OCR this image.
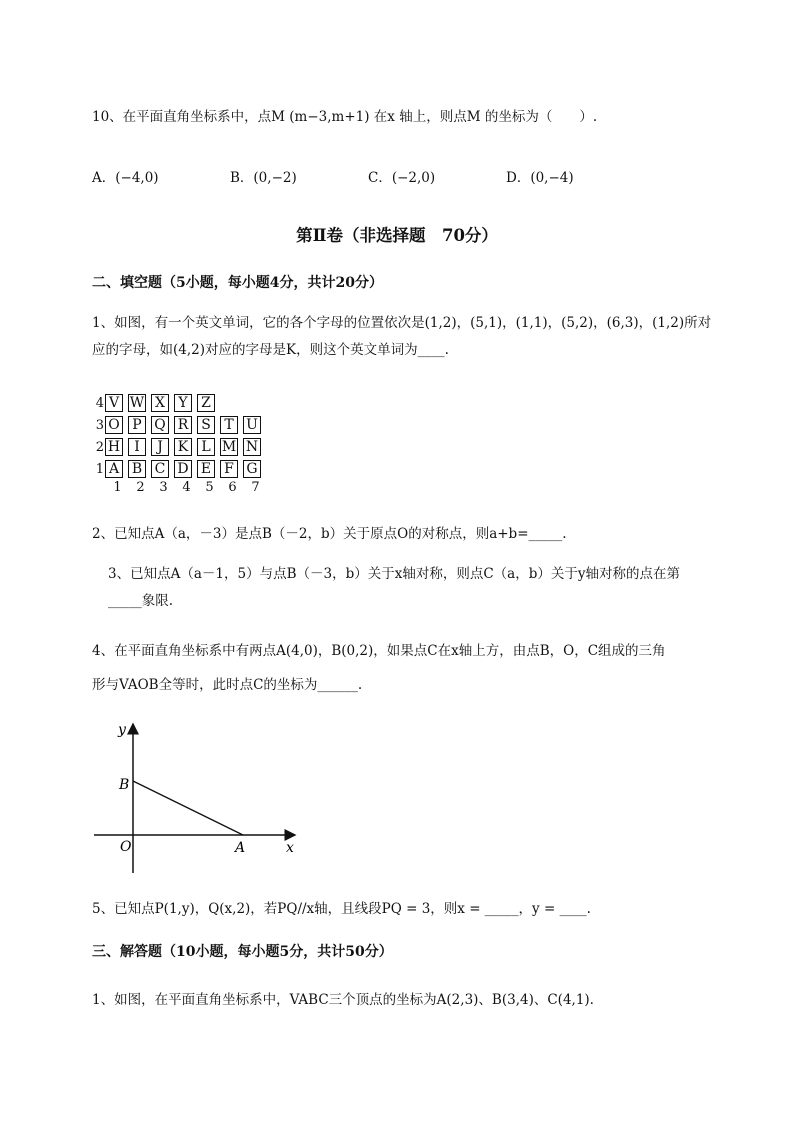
10、在平面直角坐标系中，点M (m−3,m+1) 在x 轴上，则点M 的坐标为（　　）.
A．(−4,0)	B．(0,−2)	C．(−2,0)	D．(0,−4)
第Ⅱ卷（非选择题　70分）
二、填空题（5小题，每小题4分，共计20分）
1、如图，有一个英文单词，它的各个字母的位置依次是(1,2)，(5,1)，(1,1)，(5,2)，(6,3)，(1,2)所对
应的字母，如(4,2)对应的字母是K，则这个英文单词为____.
4 V W X Y Z
3 O P Q R S T U
2 H	I	J	K L M N
1 A B C D E F G
1	2	3	4	5	6	7
2、已知点A（a，－3）是点B（－2，b）关于原点O的对称点，则a+b=_____.
3、已知点A（a－1，5）与点B（－3，b）关于x轴对称，则点C（a，b）关于y轴对称的点在第
_____象限.
4、在平面直角坐标系中有两点A(4,0)，B(0,2)，如果点C在x轴上方，由点B，O，C组成的三角
形与VAOB全等时，此时点C的坐标为______.
y
x
B
O	A
5、已知点P(1,y)，Q(x,2)，若PQ//x轴，且线段PQ = 3，则x = _____，y = ____.
三、解答题（10小题，每小题5分，共计50分）
1、如图，在平面直角坐标系中，VABC三个顶点的坐标为A(2,3)、B(3,4)、C(4,1).
